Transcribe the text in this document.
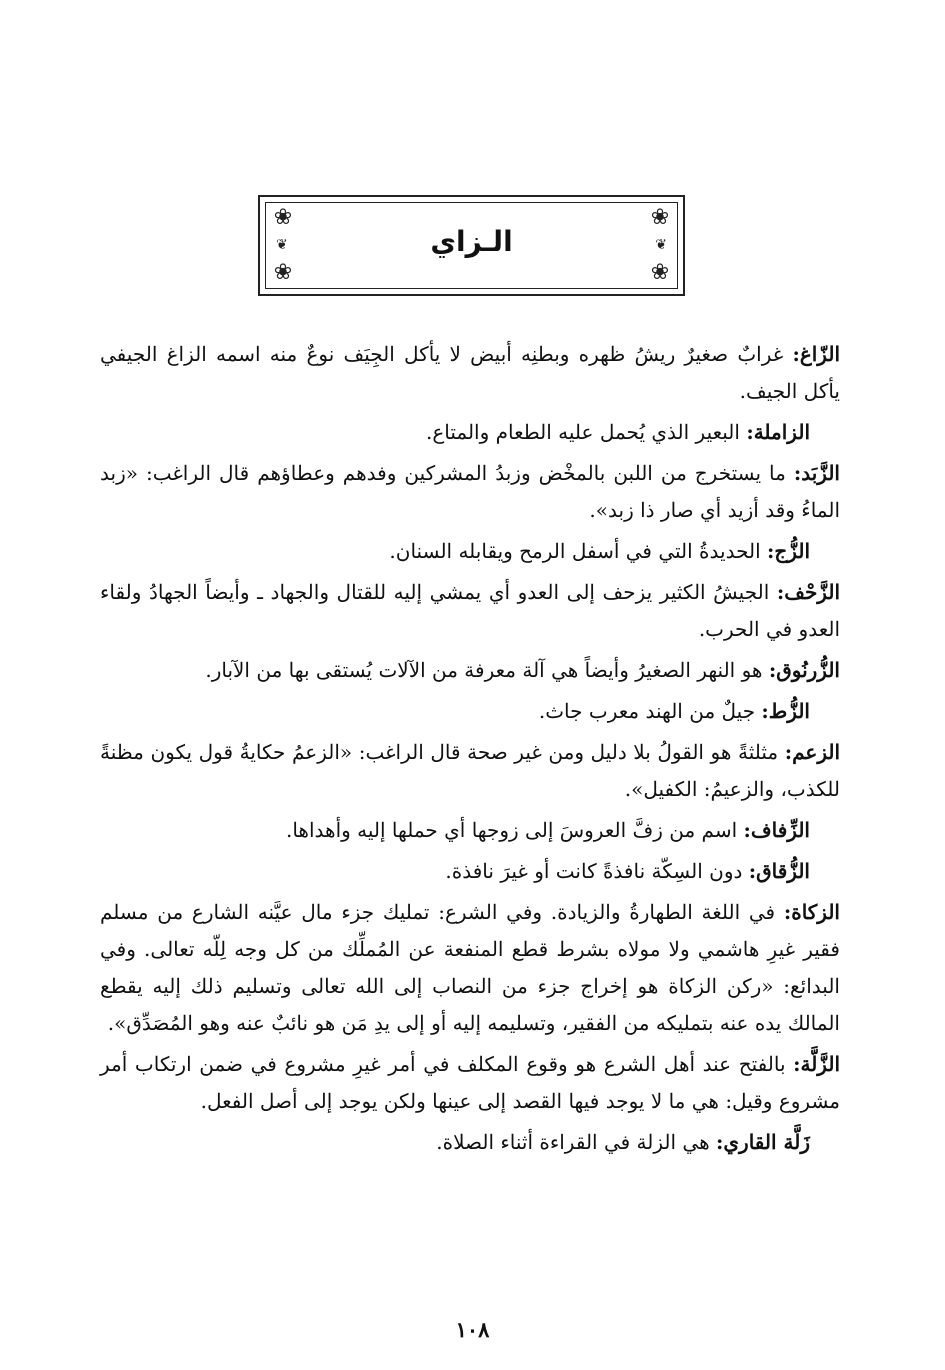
❀	❀
❀	❀
❦	❦
الـزاي

الزّاغ: غرابٌ صغيرٌ ريشُ ظهره وبطنِه أبيض لا يأكل الجِيَف نوعٌ منه اسمه الزاغ الجيفي يأكل الجيف.

الزاملة: البعير الذي يُحمل عليه الطعام والمتاع.

الزَّبَد: ما يستخرج من اللبن بالمخْض وزبدُ المشركين وفدهم وعطاؤهم قال الراغب: «زبد الماءُ وقد أزيد أي صار ذا زبد».

الزُّج: الحديدةُ التي في أسفل الرمح ويقابله السنان.

الزَّحْف: الجيشُ الكثير يزحف إلى العدو أي يمشي إليه للقتال والجهاد ـ وأيضاً الجهادُ ولقاء العدو في الحرب.

الزُّرنُوق: هو النهر الصغيرُ وأيضاً هي آلة معرفة من الآلات يُستقى بها من الآبار.

الزُّط: جيلٌ من الهند معرب جاث.

الزعم: مثلثةً هو القولُ بلا دليل ومن غير صحة قال الراغب: «الزعمُ حكايةُ قول يكون مظنةً للكذب، والزعيمُ: الكفيل».

الزِّفاف: اسم من زفَّ العروسَ إلى زوجها أي حملها إليه وأهداها.

الزُّقاق: دون السِكّة نافذةً كانت أو غيرَ نافذة.

الزكاة: في اللغة الطهارةُ والزيادة. وفي الشرع: تمليك جزء مال عيَّنه الشارع من مسلم فقير غيرِ هاشمي ولا مولاه بشرط قطع المنفعة عن المُملِّك من كل وجه لِلّه تعالى. وفي البدائع: «ركن الزكاة هو إخراج جزء من النصاب إلى الله تعالى وتسليم ذلك إليه يقطع المالك يده عنه بتمليكه من الفقير، وتسليمه إليه أو إلى يدِ مَن هو نائبٌ عنه وهو المُصَدِّق».

الزَّلَّة: بالفتح عند أهل الشرع هو وقوع المكلف في أمر غيرِ مشروع في ضمن ارتكاب أمر مشروع وقيل: هي ما لا يوجد فيها القصد إلى عينها ولكن يوجد إلى أصل الفعل.

زَلَّة القاري: هي الزلة في القراءة أثناء الصلاة.

١٠٨
